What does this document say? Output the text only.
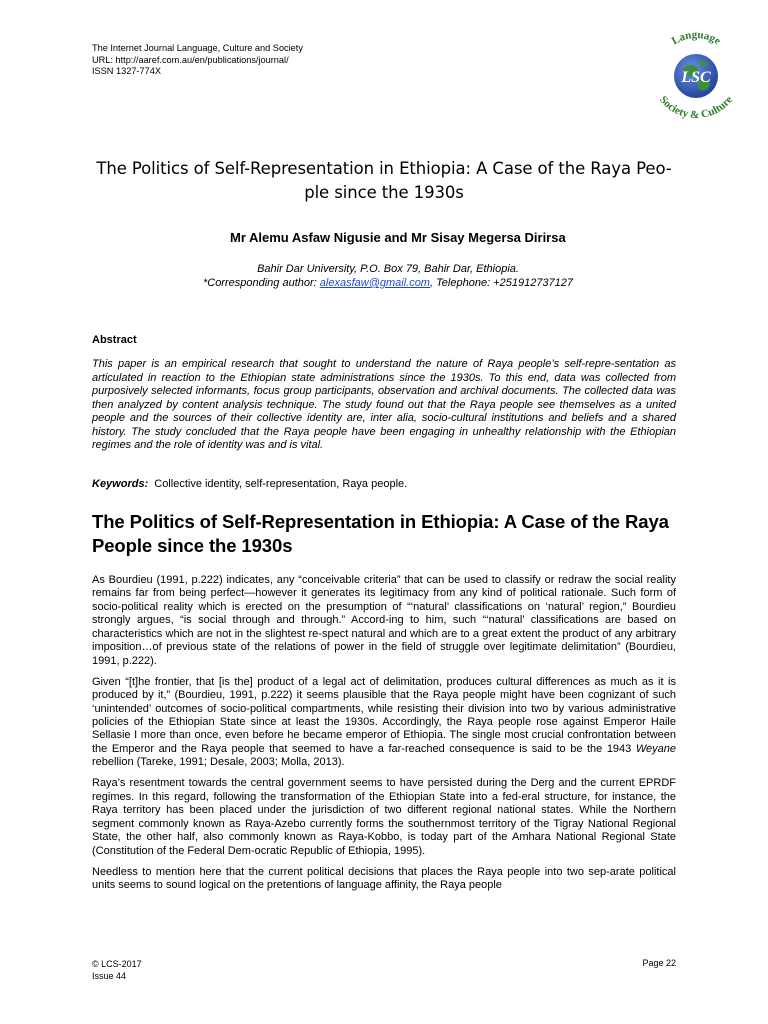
The Internet Journal Language, Culture and Society
URL: http://aaref.com.au/en/publications/journal/
ISSN 1327-774X	LSC
Language
Society & Culture
The Politics of Self-Representation in Ethiopia: A Case of the Raya Peo-
ple since the 1930s
Mr Alemu Asfaw Nigusie and Mr Sisay Megersa Dirirsa
Bahir Dar University, P.O. Box 79, Bahir Dar, Ethiopia.
*Corresponding author: alexasfaw@gmail.com, Telephone: +251912737127
Abstract

This paper is an empirical research that sought to understand the nature of Raya people’s self-repre-sentation as articulated in reaction to the Ethiopian state administrations since the 1930s. To this end, data was collected from purposively selected informants, focus group participants, observation and archival documents. The collected data was then analyzed by content analysis technique. The study found out that the Raya people see themselves as a united people and the sources of their collective identity are, inter alia, socio-cultural institutions and beliefs and a shared history. The study concluded that the Raya people have been engaging in unhealthy relationship with the Ethiopian regimes and the role of identity was and is vital.

Keywords: Collective identity, self-representation, Raya people.
The Politics of Self-Representation in Ethiopia: A Case of the Raya People since the 1930s

As Bourdieu (1991, p.222) indicates, any “conceivable criteria” that can be used to classify or redraw the social reality remains far from being perfect—however it generates its legitimacy from any kind of political rationale. Such form of socio-political reality which is erected on the presumption of “‘natural’ classifications on ‘natural’ region,” Bourdieu strongly argues, “is social through and through.” Accord-ing to him, such “‘natural’ classifications are based on characteristics which are not in the slightest re-spect natural and which are to a great extent the product of any arbitrary imposition…of previous state of the relations of power in the field of struggle over legitimate delimitation” (Bourdieu, 1991, p.222).

Given “[t]he frontier, that [is the] product of a legal act of delimitation, produces cultural differences as much as it is produced by it,” (Bourdieu, 1991, p.222) it seems plausible that the Raya people might have been cognizant of such ‘unintended’ outcomes of socio-political compartments, while resisting their division into two by various administrative policies of the Ethiopian State since at least the 1930s. Accordingly, the Raya people rose against Emperor Haile Sellasie I more than once, even before he became emperor of Ethiopia. The single most crucial confrontation between the Emperor and the Raya people that seemed to have a far-reached consequence is said to be the 1943 Weyane rebellion (Tareke, 1991; Desale, 2003; Molla, 2013).

Raya’s resentment towards the central government seems to have persisted during the Derg and the current EPRDF regimes. In this regard, following the transformation of the Ethiopian State into a fed-eral structure, for instance, the Raya territory has been placed under the jurisdiction of two different regional national states. While the Northern segment commonly known as Raya-Azebo currently forms the southernmost territory of the Tigray National Regional State, the other half, also commonly known as Raya-Kobbo, is today part of the Amhara National Regional State (Constitution of the Federal Dem-ocratic Republic of Ethiopia, 1995).

Needless to mention here that the current political decisions that places the Raya people into two sep-arate political units seems to sound logical on the pretentions of language affinity, the Raya people

© LCS-2017
Issue 44
Page 22
